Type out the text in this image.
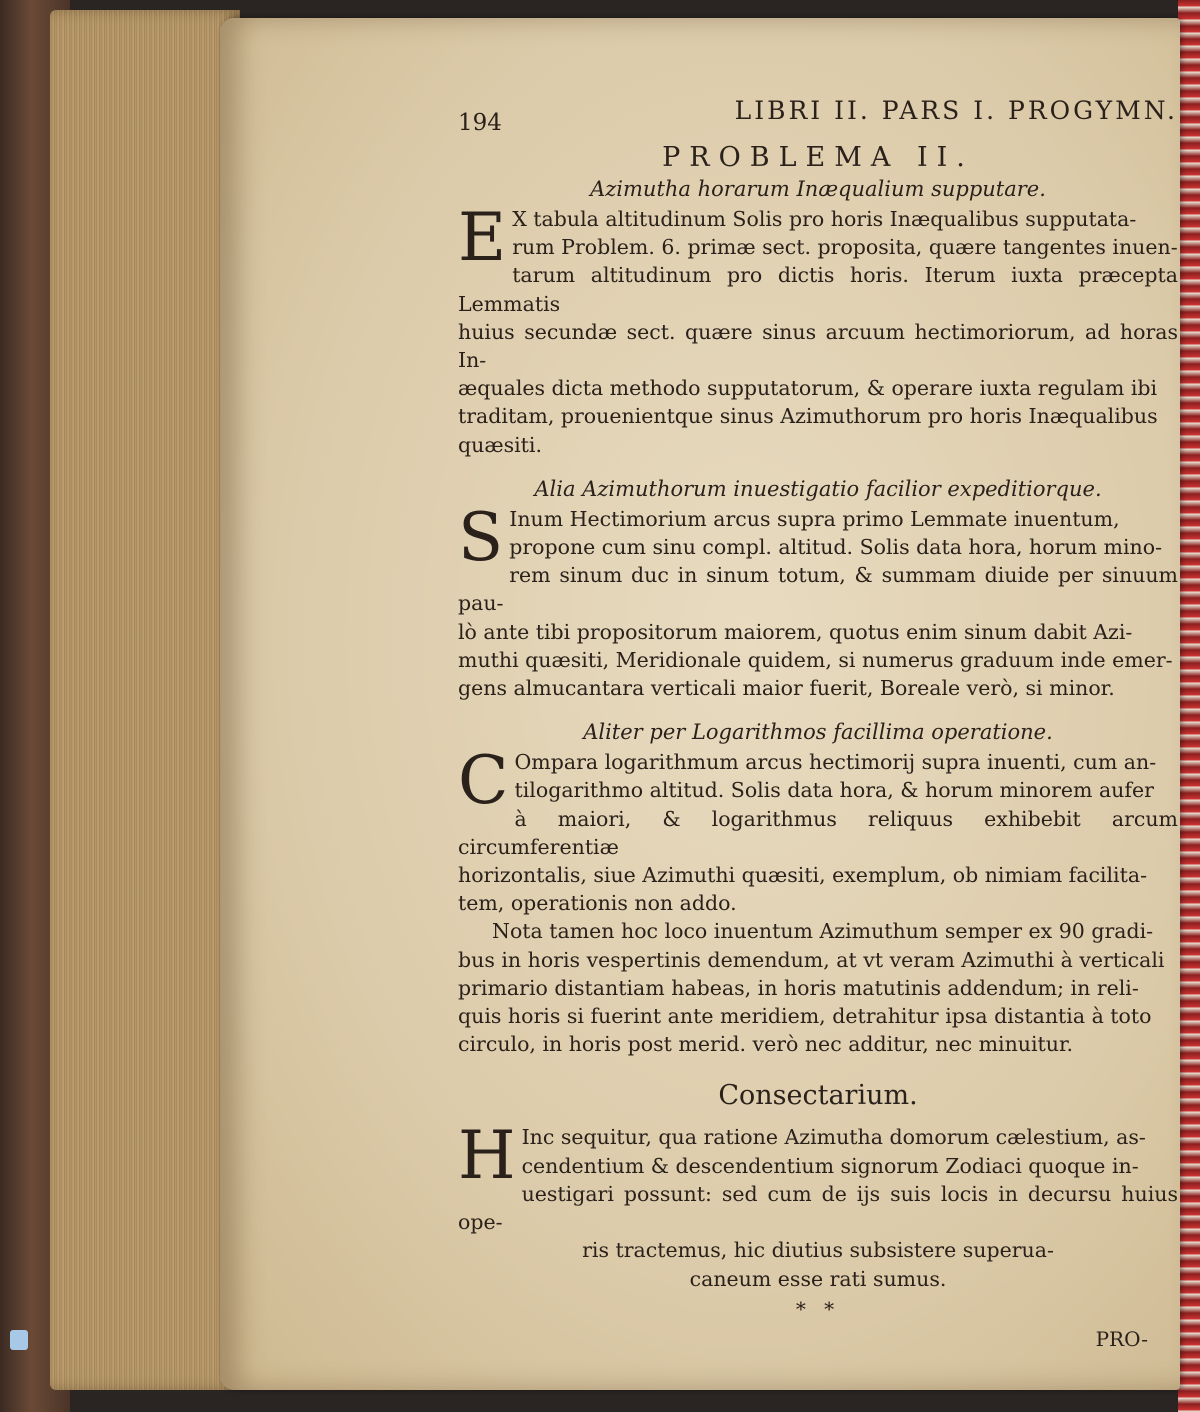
194	LIBRI II. PARS I. PROGYMN.
PROBLEMA II.
Azimutha horarum Inæqualium supputare.

E X tabula altitudinum Solis pro horis Inæqualibus supputata-
rum Problem. 6. primæ sect. proposita, quære tangentes inuen-
tarum altitudinum pro dictis horis. Iterum iuxta præcepta Lemmatis
huius secundæ sect. quære sinus arcuum hectimoriorum, ad horas In-
æquales dicta methodo supputatorum, & operare iuxta regulam ibi
traditam, prouenientque sinus Azimuthorum pro horis Inæqualibus
quæsiti.

Alia Azimuthorum inuestigatio facilior expeditiorque.

S Inum Hectimorium arcus supra primo Lemmate inuentum,
propone cum sinu compl. altitud. Solis data hora, horum mino-
rem sinum duc in sinum totum, & summam diuide per sinuum pau-
lò ante tibi propositorum maiorem, quotus enim sinum dabit Azi-
muthi quæsiti, Meridionale quidem, si numerus graduum inde emer-
gens almucantara verticali maior fuerit, Boreale verò, si minor.

Aliter per Logarithmos facillima operatione.

C Ompara logarithmum arcus hectimorij supra inuenti, cum an-
tilogarithmo altitud. Solis data hora, & horum minorem aufer
à maiori, & logarithmus reliquus exhibebit arcum circumferentiæ
horizontalis, siue Azimuthi quæsiti, exemplum, ob nimiam facilita-
tem, operationis non addo.

Nota tamen hoc loco inuentum Azimuthum semper ex 90 gradi-
bus in horis vespertinis demendum, at vt veram Azimuthi à verticali
primario distantiam habeas, in horis matutinis addendum; in reli-
quis horis si fuerint ante meridiem, detrahitur ipsa distantia à toto
circulo, in horis post merid. verò nec additur, nec minuitur.

Consectarium.

H Inc sequitur, qua ratione Azimutha domorum cælestium, as-
cendentium & descendentium signorum Zodiaci quoque in-
uestigari possunt: sed cum de ijs suis locis in decursu huius ope-

ris tractemus, hic diutius subsistere superua-
caneum esse rati sumus.

* *
PRO-
